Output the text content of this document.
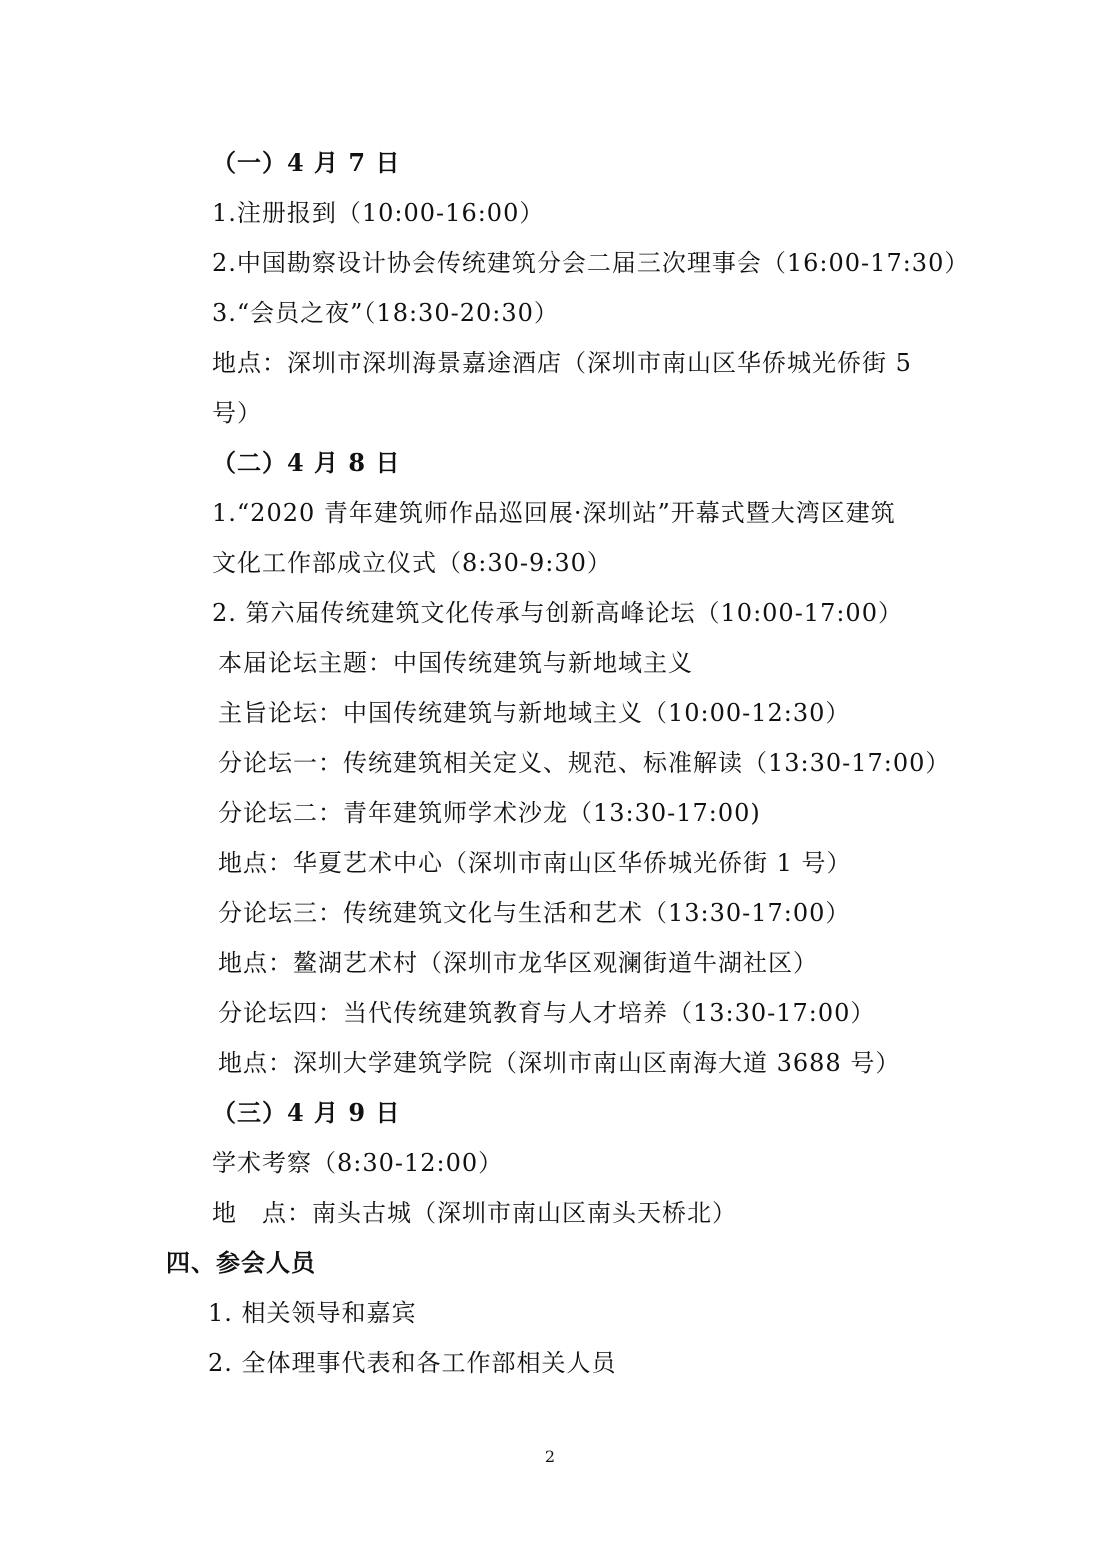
（一）4 月 7 日
1.注册报到（10:00-16:00）
2.中国勘察设计协会传统建筑分会二届三次理事会（16:00-17:30）
3.“会员之夜”（18:30-20:30）
地点：深圳市深圳海景嘉途酒店（深圳市南山区华侨城光侨街 5
号）
（二）4 月 8 日
1.“2020 青年建筑师作品巡回展·深圳站”开幕式暨大湾区建筑
文化工作部成立仪式（8:30-9:30）
2. 第六届传统建筑文化传承与创新高峰论坛（10:00-17:00）
本届论坛主题：中国传统建筑与新地域主义
主旨论坛：中国传统建筑与新地域主义（10:00-12:30）
分论坛一：传统建筑相关定义、规范、标准解读（13:30-17:00）
分论坛二：青年建筑师学术沙龙（13:30-17:00)
地点：华夏艺术中心（深圳市南山区华侨城光侨街 1 号）
分论坛三：传统建筑文化与生活和艺术（13:30-17:00）
地点：鳌湖艺术村（深圳市龙华区观澜街道牛湖社区）
分论坛四：当代传统建筑教育与人才培养（13:30-17:00）
地点：深圳大学建筑学院（深圳市南山区南海大道 3688 号）
（三）4 月 9 日
学术考察（8:30-12:00）
地　点：南头古城（深圳市南山区南头天桥北）
四、参会人员
1. 相关领导和嘉宾
2. 全体理事代表和各工作部相关人员
2
